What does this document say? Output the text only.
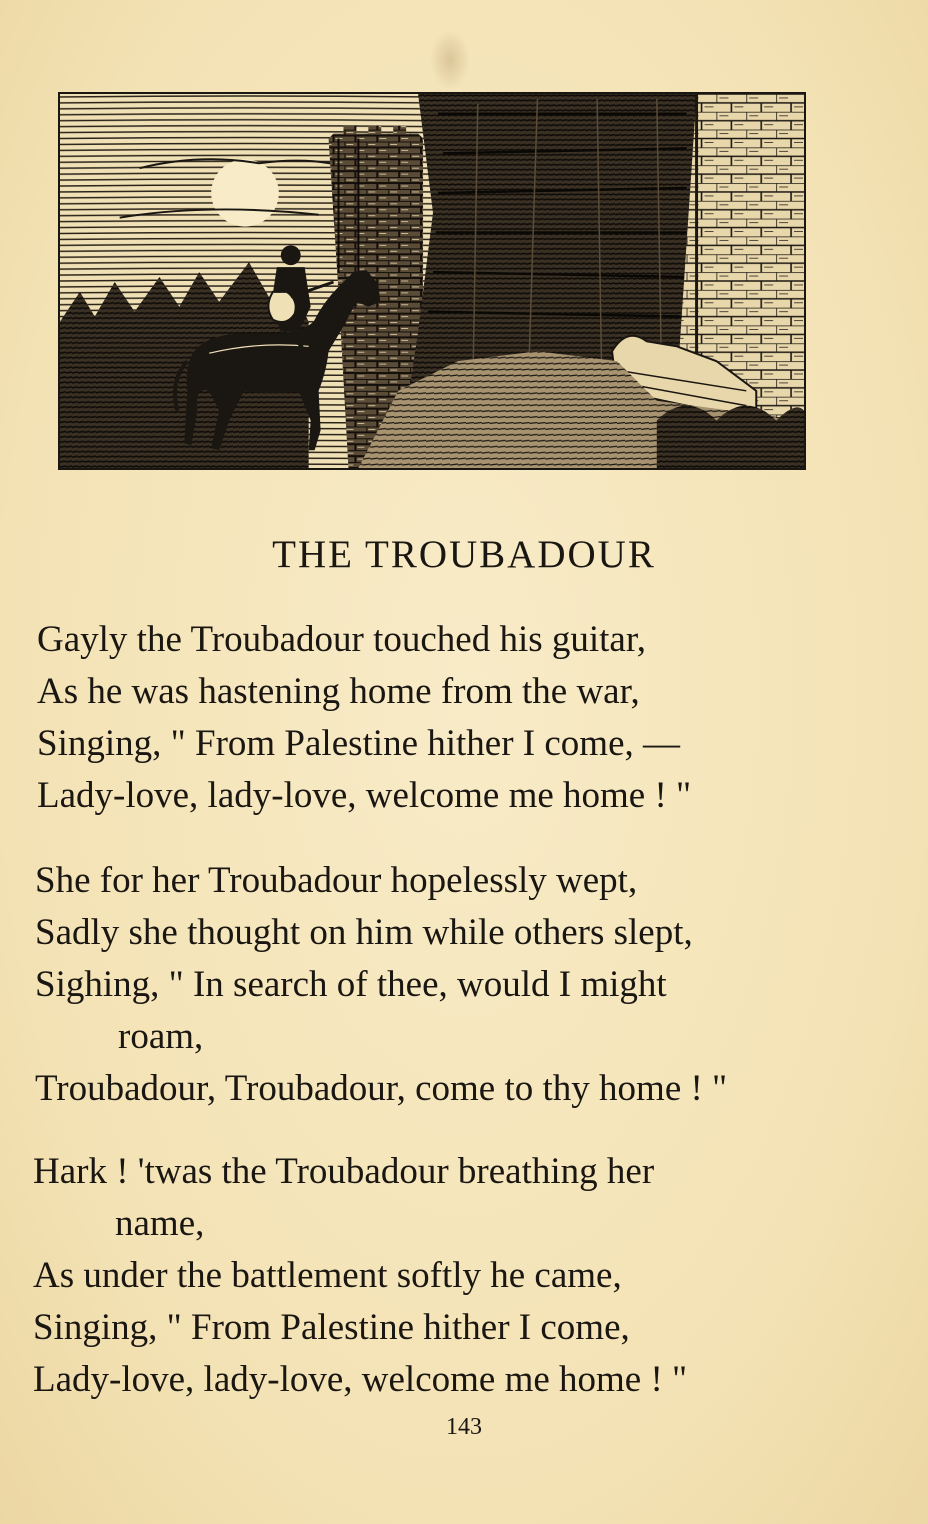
THE TROUBADOUR
Gayly the Troubadour touched his guitar,
As he was hastening home from the war,
Singing, " From Palestine hither I come, —
Lady-love, lady-love, welcome me home ! "
She for her Troubadour hopelessly wept,
Sadly she thought on him while others slept,
Sighing, " In search of thee, would I might
roam,
Troubadour, Troubadour, come to thy home ! "
Hark ! 'twas the Troubadour breathing her
name,
As under the battlement softly he came,
Singing, " From Palestine hither I come,
Lady-love, lady-love, welcome me home ! "
143
